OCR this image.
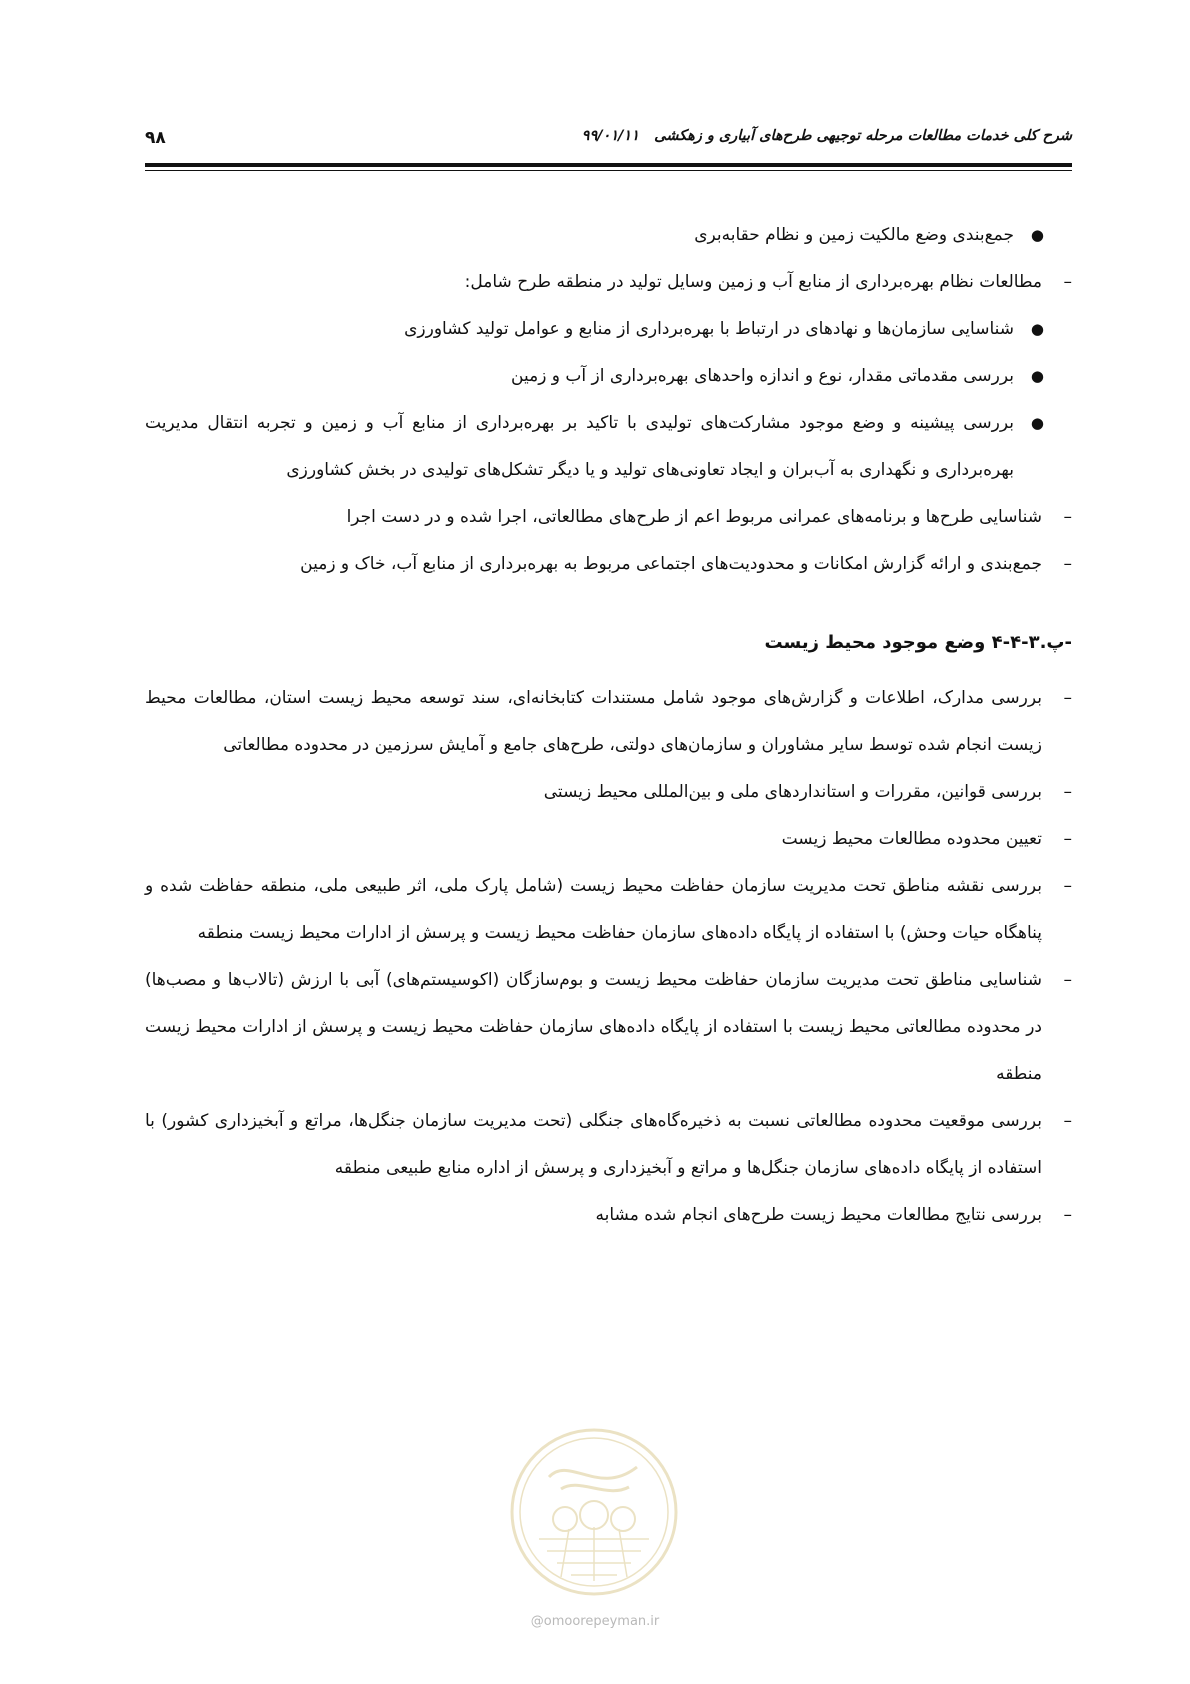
۹۸	شرح کلی خدمات مطالعات مرحله توجیهی طرح‌های آبیاری و زهکشی   ۹۹/۰۱/۱۱
●
جمع‌بندی وضع مالکیت زمین و نظام حقابه‌بری
–
مطالعات نظام بهره‌برداری از منابع آب و زمین وسایل تولید در منطقه طرح شامل:
●
شناسایی سازمان‌ها و نهادهای در ارتباط با بهره‌برداری از منابع و عوامل تولید کشاورزی
●
بررسی مقدماتی مقدار، نوع و اندازه واحدهای بهره‌برداری از آب و زمین
●
بررسی پیشینه و وضع موجود مشارکت‌های تولیدی با تاکید بر بهره‌برداری از منابع آب و زمین و تجربه انتقال مدیریت بهره‌برداری و نگهداری به آب‌بران و ایجاد تعاونی‌های تولید و یا دیگر تشکل‌های تولیدی در بخش کشاورزی
–
شناسایی طرح‌ها و برنامه‌های عمرانی مربوط اعم از طرح‌های مطالعاتی، اجرا شده و در دست اجرا
–
جمع‌بندی و ارائه گزارش امکانات و محدودیت‌های اجتماعی مربوط به بهره‌برداری از منابع آب، خاک و زمین
پ.۳-۴-۴- وضع موجود محیط زیست
–
بررسی مدارک، اطلاعات و گزارش‌های موجود شامل مستندات کتابخانه‌ای، سند توسعه محیط زیست استان، مطالعات محیط زیست انجام شده توسط سایر مشاوران و سازمان‌های دولتی، طرح‌های جامع و آمایش سرزمین در محدوده مطالعاتی
–
بررسی قوانین، مقررات و استانداردهای ملی و بین‌المللی محیط زیستی
–
تعیین محدوده مطالعات محیط زیست
–
بررسی نقشه مناطق تحت مدیریت سازمان حفاظت محیط زیست (شامل پارک ملی، اثر طبیعی ملی، منطقه حفاظت شده و پناهگاه حیات وحش) با استفاده از پایگاه داده‌های سازمان حفاظت محیط زیست و پرسش از ادارات محیط زیست منطقه
–
شناسایی مناطق تحت مدیریت سازمان حفاظت محیط زیست و بوم‌سازگان (اکوسیستم‌های) آبی با ارزش (تالاب‌ها و مصب‌ها) در محدوده مطالعاتی محیط زیست با استفاده از پایگاه داده‌های سازمان حفاظت محیط زیست و پرسش از ادارات محیط زیست منطقه
–
بررسی موقعیت محدوده مطالعاتی نسبت به ذخیره‌گاه‌های جنگلی (تحت مدیریت سازمان جنگل‌ها، مراتع و آبخیزداری کشور) با استفاده از پایگاه داده‌های سازمان جنگل‌ها و مراتع و آبخیزداری و پرسش از اداره منابع طبیعی منطقه
–
بررسی نتایج مطالعات محیط زیست طرح‌های انجام شده مشابه
@omoorepeyman.ir
